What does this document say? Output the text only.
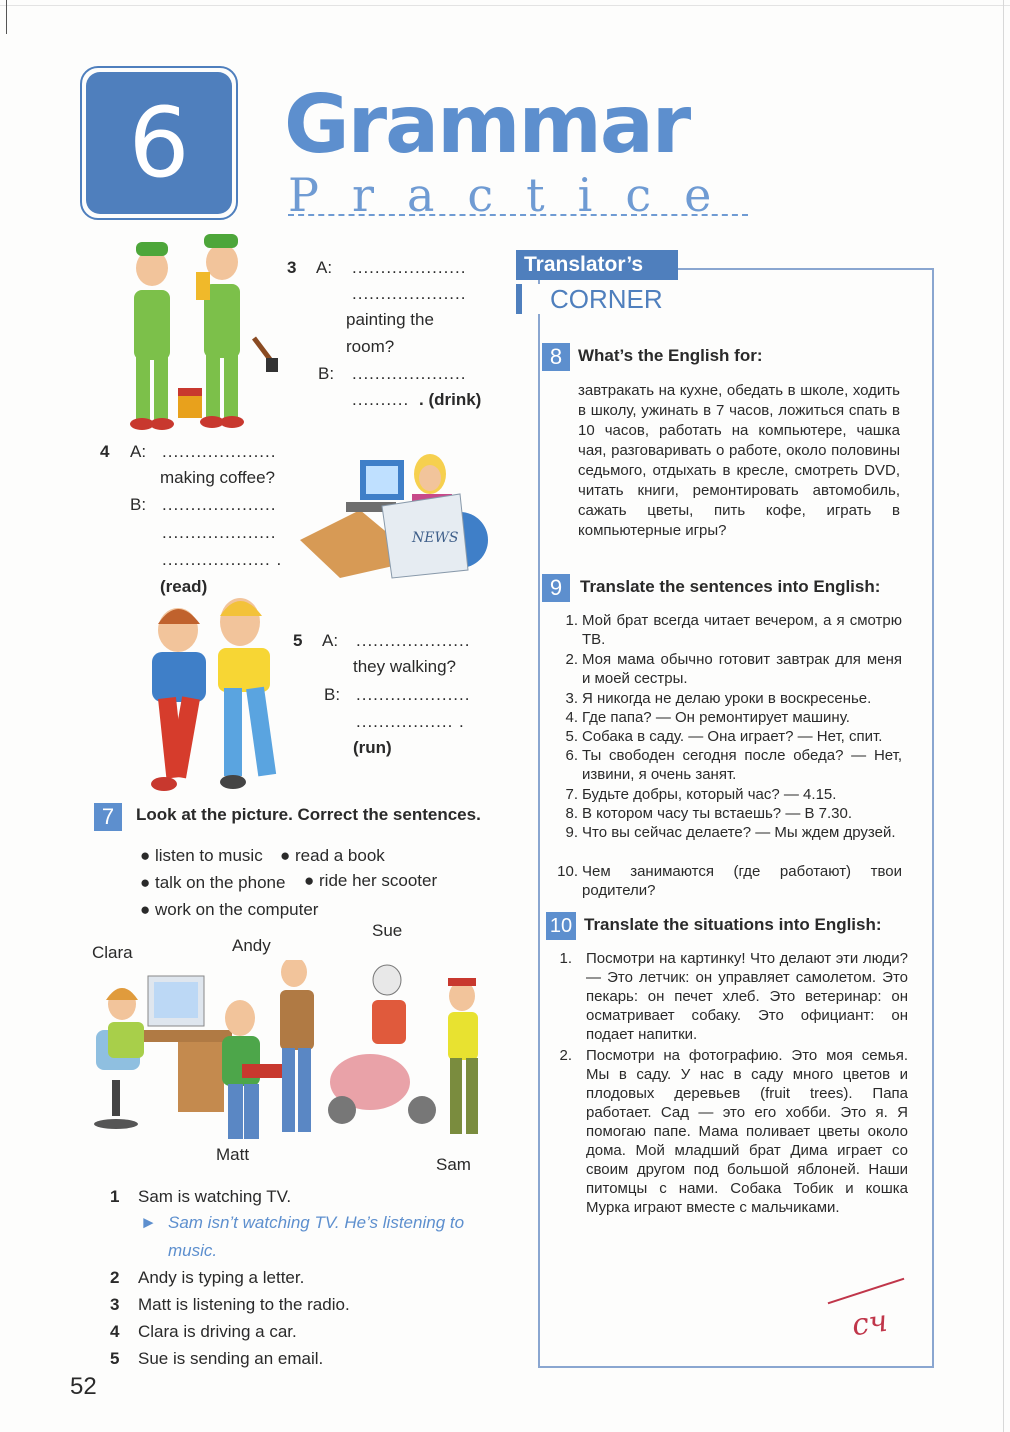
6	Grammar
Practice
3 A: ....................
....................
painting the
room?
B: ....................
.......... . (drink)
4 A: ....................
making coffee?
B: ....................
....................
................... .
(read)
NEWS
5 A: ....................
they walking?
B: ....................
................. .
(run)
7	Look at the picture. Correct the sentences.
● listen to music ● read a book
● talk on the phone ● ride her scooter
● work on the computer
Clara	Andy
Sue
Matt
Sam
1 Sam is watching TV.
► Sam isn’t watching TV. He’s listening to
music.
2 Andy is typing a letter.
3 Matt is listening to the radio.
4 Clara is driving a car.
5 Sue is sending an email.
Translator’s
CORNER
8 What’s the English for:
завтракать на кухне, обедать в школе, ходить в школу, ужинать в 7 часов, ложиться спать в 10 часов, работать на компьютере, чашка чая, разговаривать о работе, около половины седьмого, отдыхать в кресле, смотреть DVD, читать книги, ремонтировать автомобиль, сажать цветы, пить кофе, играть в компьютерные игры?
9	Translate the sentences into English:
1. Мой брат всегда читает вечером, а я смотрю ТВ.
2. Моя мама обычно готовит завтрак для меня и моей сестры.
3. Я никогда не делаю уроки в воскресенье.
4. Где папа? — Он ремонтирует машину.
5. Собака в саду. — Она играет? — Нет, спит.
6. Ты свободен сегодня после обеда? — Нет, извини, я очень занят.
7. Будьте добры, который час? — 4.15.
8. В котором часу ты встаешь? — В 7.30.
9. Что вы сейчас делаете? — Мы ждем друзей.
10. Чем занимаются (где работают) твои родители?
10 Translate the situations into English:
1. Посмотри на картинку! Что делают эти люди? — Это летчик: он управляет самолетом. Это пекарь: он печет хлеб. Это ветеринар: он осматривает собаку. Это официант: он подает напитки.
2. Посмотри на фотографию. Это моя семья. Мы в саду. У нас в саду много цветов и плодовых деревьев (fruit trees). Папа работает. Сад — это его хобби. Это я. Я помогаю папе. Мама поливает цветы около дома. Мой младший брат Дима играет со своим другом под большой яблоней. Наши питомцы с нами. Собака Тобик и кошка Мурка играют вместе с мальчиками.
сч
52
